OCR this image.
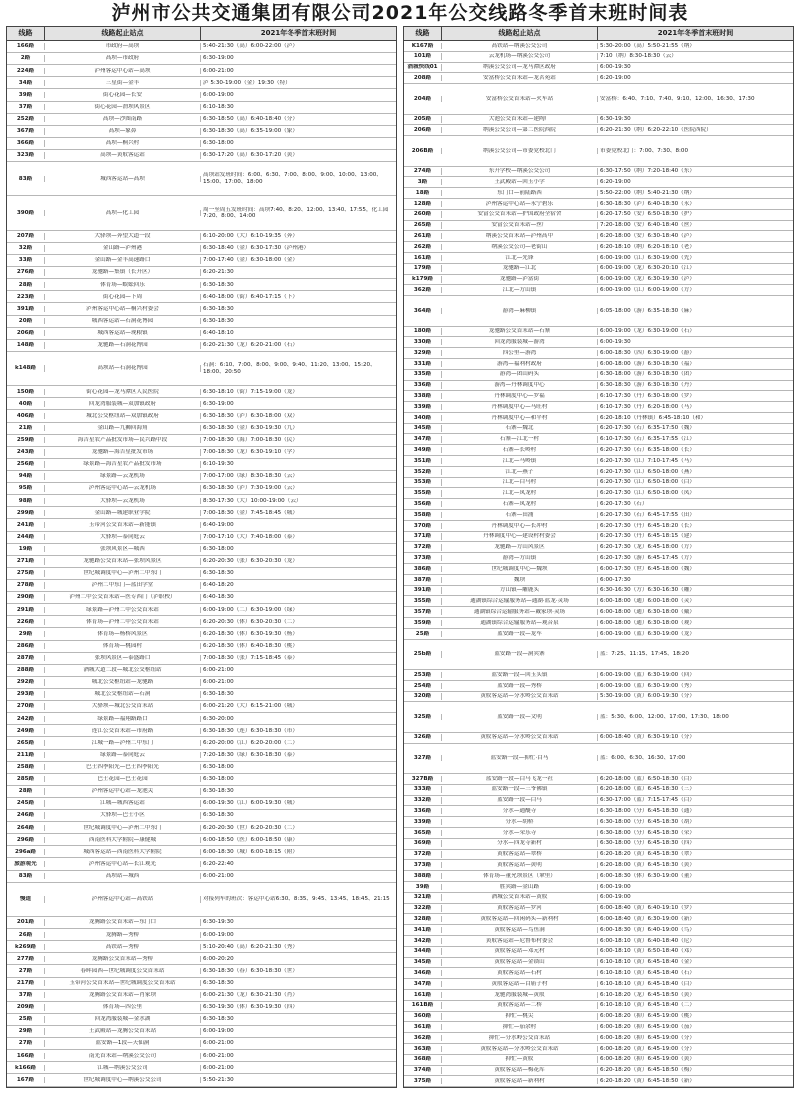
泸州市公共交通集团有限公司2021年公交线路冬季首末班时间表
线路	线路起止站点	2021年冬季首末班时间
166路	市政府—高坝	5:40-21:30（高）6:00-22:00（泸）
2路	高坝—市政府	6:30-19:00
224路	泸州客运中心站—高坝	6:00-21:00
34路	三星街—金丰	泸 5:30-19:00（金）19:30（特）
39路	街心花园—长安	6:00-19:00
37路	街心花园—渭坝风景区	6:10-18:30
252路	高坝—沙图南路	6:30-18:50（高）6:40-18:40（分）
367路	高坝—象鼻	6:30-18:30（高）6:35-19:00（象）
366路	高坝—桐兴村	6:30-18:00
323路	高坝—黄舣客运站	6:30-17:20（高）6:30-17:20（黄）
83路	城西客运站—高坝
高坝站发班时间：6:00、6:30、7:00、8:00、9:00、10:00、13:00、15:00、17:00、18:00
390路	高坝—化工园
周一至周五发班时间：高坝7:40、8:20、12:00、13:40、17:55，化工园7:20、8:00、14:00
207路	大驿坝—奔望大道一段	6:10-20:00（大）6:10-19:35（奔）
32路	金山路—泸州港	6:30-18:40（金）6:30-17:30（泸州港）
33路	金山路—金丰高速路口	7:00-17:40（金）6:30-18:00（金）
276路	龙驰路—集镇（长开区）	6:20-21:30
28路	体育场—蜈蚣回乐	6:30-18:30
223路	街心花园—下周	6:40-18:00（街）6:40-17:15（下）
391路	泸州客运中心站—桐兴村委会	6:30-18:30
20路	城西客运站—石洞花博园	6:30-18:30
206路	城西客运站—现粮镇	6:40-18:10
148路	龙驰路—石洞花博园	6:20-21:30（龙）6:20-21:00（石）
k148路	高坝站—石洞花博园
石洞：6:10、7:00、8:00、9:00、9:40、11:20、13:00、15:20、18:00、20:50
150路	街心花园—龙马潭区人民医院	6:30-18:10（街）7:15-19:00（龙）
40路	回龙湾服装城—双加镇政府	6:30-19:00
406路	城北公交枢纽站—双加镇政府	6:30-18:30（泸）6:30-18:00（双）
21路	金山路—九狮回海角	6:30-18:30（金）6:30-19:30（九）
259路	海吉星农产品批发市场—民兴路中段	7:00-18:30（海）7:00-18:30（民）
243路	龙驰路—海吉星批发市场	7:00-18:30（龙）6:30-19:10（学）
256路	绿景路—海吉星农产品批发市场	6:10-19:30
94路	绿景路—云龙机场	7:00-17:00（绿）8:30-18:30（云）
95路	泸州客运中心站—云龙机场	6:30-18:30（泸）7:30-19:00（云）
98路	大驿坝—云龙机场	8:30-17:30（大）10:00-19:00（云）
299路	金山路—城建职业学院	7:00-18:30（金）7:45-18:45（城）
241路	玉带河公交首末站—新能镇	6:40-19:00
244路	大驿坝—泰同庭云	7:00-17:10（大）7:40-18:00（泰）
19路	张坝风景区—城西	6:30-18:00
271路	龙驰路公交首末站—张坝风景区	6:20-20:30（张）6:30-20:30（龙）
275路	世纪城调度中心—泸州二中东门	6:30-18:30
278路	泸州二中东门—蓝田学堂	6:40-18:20
290路	泸州二中公交首末站—医专西门（泸职校）	6:40-18:30
291路	绿景路—泸州二中公交首末站	6:00-19:00（二）6:30-19:00（绿）
226路	体育场—泸州二中公交首末站	6:20-20:30（体）6:30-20:30（二）
29路	体育场—杨桥风景区	6:20-18:30（体）6:30-19:30（杨）
286路	体育场—桃园村	6:20-18:30（体）6:40-18:30（桃）
287路	张坝风景区—泰盛路口	7:00-18:30（张）7:15-18:45（泰）
288路	酒城大道二段—城北公交枢纽站	6:00-21:00
292路	城北公交枢纽站—龙驰路	6:00-21:00
293路	城北公交枢纽站—石洞	6:30-18:30
270路	大驿坝—城北公交首末站	6:00-21:20（大）6:15-21:00（城）
242路	绿景路—福翔路路口	6:30-20:00
249路	连江公交首末站—市府路	6:30-18:30（连）6:30-18:30（市）
265路	江城一路—泸州二中东门	6:20-20:00（江）6:20-20:00（二）
211路	绿景路—泰同庭云	7:20-18:30（绿）6:30-18:30（泰）
258路	巴士四季阳光—巴士四季阳光	6:30-18:00
285路	巴士花园—巴士花园	6:30-18:00
28路	泸州客运中心站—龙池关	6:30-18:30
245路	江城—城西客运站	6:00-19:30（江）6:00-19:30（城）
246路	大驿坝—巴士小区	6:30-18:30
264路	世纪城调度中心—泸州二中东门	6:20-20:30（世）6:20-20:30（二）
296路	西南医科大学附院—康健城	6:00-18:50（医）6:00-18:50（康）
296a路	城西客运站—西南医科大学附院	6:00-18:30（城）6:00-18:15（附）
旅游观光	泸州客运中心站—长江观光	6:20-22:40
83路	高坝站—城西	6:00-21:00
慢道	泸州客运中心站—高铁站	对接列车的班次：客运中心站6:30、8:35、9:45、13:45、18:45、21:15
201路	龙腾路公交首末站—东门口	6:30-19:30
26路	龙腾路—秀桥	6:00-19:00
k269路	高铁站—秀桥	5:10-20:40（高）6:20-21:30（秀）
277路	龙腾路公交首末站—秀桥	6:00-20:20
27路	春晖园西—世纪城调度公交首末站	6:30-18:30（春）6:30-18:30（世）
217路	玉带河公交首末站—世纪城调度公交首末站	6:30-18:30
37路	龙腾路公交首末站—肖家坝	6:00-21:30（龙）6:30-21:30（肖）
209路	体育场—四公里	6:30-19:30（体）6:30-19:30（四）
25路	回龙湾服装城—金水湖	6:30-18:30
29路	王武殿站—龙腾公交首末站	6:00-19:00
27路	蓝安路—1段—天仙洞	6:00-21:00
166路	南光首末站—纳溪公交公司	6:00-21:00
k166路	江城—纳溪公交公司	6:00-21:00
167路	世纪城调度中心—纳溪公交公司	5:50-21:30
线路	线路起止站点	2021年冬季首末班时间
K167路	高铁站—纳溪公交公司	5:30-20:00（高）5:50-21:55（纳）
101路	云龙机场—纳溪公交公司	7:10（纳）8:30-18:30（云）
酒城快线01	纳溪公交公司—龙马潭区政府	6:00-19:30
208路	安富桥公交首末站—龙茗苑站	6:20-19:00
204路	安富桥公交首末站—火车站	安富桥：6:40、7:10、7:40、9:10、12:00、16:30、17:30
205路	大池公交首末站—建陶厂	6:30-19:30
206路	纳溪公交公司—第二医院西院	6:20-21:30（纳）6:20-22:10（医院西院）
206B路	纳溪公交公司—市委党校北门	市委党校北门：7:00、7:30、8:00
274路	东升学校—纳溪公交公司	6:30-17:50（纳）7:20-18:40（东）
3路	王武殿站—回玉小学	6:20-19:00
18路	东门口—前陆路西	5:50-22:00（纳）5:40-21:30（纳）
128路	泸州客运中心站—永宁碧乐	6:30-18:30（泸）6:40-18:30（永）
260路	安富公交首末站—护国政府全宿舍	6:20-17:50（安）6:50-18:30（护）
265路	安富公交首末站—丝厂	7:20-18:00（安）6:40-18:40（丝）
261路	纳溪公交首末站—泸州高中	6:20-18:00（安）6:30-18:40（泸）
262路	纳溪公交公司—老街山	6:20-18:10（纳）6:20-18:10（老）
161路	江北—先锋	6:00-19:00（江）6:30-19:00（先）
179路	龙驰路—江北	6:00-19:00（龙）6:30-20:10（江）
k179路	龙驰路—泸富街	6:00-19:00（龙）6:30-19:30（泸）
362路	江北—方山镇	6:00-19:00（江）6:00-19:00（方）
364路	游湾—麻柳镇	6:05-18:00（游）6:35-18:30（麻）
180路	龙驰路公交首末站—石寨	6:00-19:00（龙）6:30-19:00（石）
330路	回龙湾服装城—游湾	6:00-19:30
329路	四公里—游湾	6:00-18:30（四）6:30-19:00（游）
331路	游湾—福利村政府	6:00-18:00（游）6:30-18:30（福）
335路	游湾—团山码头	6:30-18:00（游）6:30-18:30（团）
336路	游湾—丹林调度中心	6:30-18:30（游）6:30-18:30（丹）
338路	丹林调度中心—罗福	6:10-17:30（丹）6:30-18:00（罗）
339路	丹林调度中心—马旺村	6:10-17:30（丹）6:20-18:00（马）
340路	丹林调度中心—和平村	6:20-18:10（丹林镇）6:45-18:10（和）
345路	石寨—魏北	6:20-17:30（石）6:35-17:50（魏）
347路	石寨—江北一村	6:10-17:30（石）6:35-17:55（江）
349路	石寨—长岭村	6:20-17:30（石）6:35-18:00（长）
351路	江北—马岭镇	6:20-17:30（江）7:10-17:45（马）
352路	江北—燕子	6:20-17:30（江）6:50-18:00（燕）
353路	江北—白马村	6:20-17:30（江）6:50-18:00（白）
355路	江北—凤龙村	6:20-17:30（江）6:50-18:00（凤）
356路	石寨—凤龙村	6:20-17:30（石）
358路	石寨—田浦	6:20-17:30（石）6:45-17:55（田）
370路	丹林调度中心—长冲村	6:20-17:30（丹）6:45-18:20（长）
371路	丹林调度中心—建设村村委会	6:20-17:30（丹）6:45-18:15（建）
372路	龙驰路—方山风景区	6:20-17:30（龙）6:45-18:00（方）
373路	游湾—方山镇	6:20-17:30（游）6:45-17:45（方）
386路	世纪城调度中心—魏坝	6:00-17:30（世）6:45-18:00（魏）
387路	魏坝	6:00-17:30
391路	方山镇—雕鹿头	6:30-16:30（方）6:30-16:30（雕）
355路	通湖镇综合运输服务站—通湖·蓝龙·灵场	6:00-18:00（通）6:00-18:00（灵）
357路	通湖镇综合运输服务站—戴家坝·灵场	6:00-18:00（通）6:30-18:00（戴）
359路	通湖镇综合运输服务站—观音泉	6:00-18:00（通）6:30-18:00（观）
25路	蓝安路一段—龙车	6:00-19:00（蓝）6:30-19:00（龙）
25b路	蓝安路一段—洞宾寨	蓝：7:25、11:15、17:45、18:20
253路	蓝安路一段—回玉头镇	6:00-19:00（蓝）6:30-19:00（回）
254路	蓝安路一段—秀桥	6:00-19:00（蓝）6:30-19:00（秀）
320路	黄舣客运站—分水岭公交首末站	5:30-19:00（黄）6:00-19:30（分）
325路	蓝安路一段—文明	蓝：5:30、6:00、12:00、17:00、17:30、18:00
326路	黄舣客运站—分水岭公交首末站	6:00-18:40（黄）6:30-19:10（分）
327路	蓝安路一段—抑忙·白马	蓝：6:00、6:30、16:30、17:00
327B路	蓝安路一段—白马飞龙一社	6:20-18:00（蓝）6:50-18:30（白）
333路	蓝安路一段—三爷佛镇	6:20-18:00（蓝）6:45-18:30（三）
332路	蓝安路一段—白马	6:30-17:00（蓝）7:15-17:45（白）
336路	分水—通醍寺	6:30-18:00（分）6:45-18:30（通）
339路	分水—胡桥	6:30-18:00（分）6:45-18:30（胡）
365路	分水—荣乐寺	6:30-18:00（分）6:45-18:30（荣）
369路	分水—四龙寺新村	6:30-18:00（分）6:45-18:30（四）
372路	黄舣客运站—翠桥	6:20-18:20（黄）6:45-18:30（翠）
373路	黄舣客运站—黄明	6:20-18:00（黄）6:45-18:30（黄）
388路	体育场—董允坝景区（傘里）	6:00-18:30（体）6:30-19:00（董）
39路	胜宾路—金山路	6:00-19:00
321路	酒城公交首末站—黄舣	6:00-19:00
322路	黄舣客运站—罗河	6:00-18:40（黄）6:40-19:10（罗）
328路	黄舣客运站—回闲码头—新利村	6:00-18:40（黄）6:30-19:00（新）
341路	黄舣客运站—鸟鱼洞	6:00-18:30（黄）6:40-19:00（鸟）
342路	黄舣客运站—尼鲁布村委会	6:00-18:10（黄）6:40-18:40（尼）
344路	黄舣客运站—邓元村	6:00-18:10（黄）6:50-18:40（邓）
345路	黄舣客运站—金锁山	6:10-18:10（黄）6:45-18:40（金）
346路	黄舣客运站—石村	6:10-18:10（黄）6:45-18:40（石）
347路	黄舣客运站—白庙子村	6:10-18:10（黄）6:45-18:40（白）
161路	龙驰湾服装城—黄舣	6:10-18:20（龙）6:45-18:50（黄）
161B路	黄舣客运站—二桥	6:10-18:10（黄）6:45-18:40（二）
360路	抑忙—桃尖	6:00-18:20（抑）6:45-19:00（桃）
361路	抑忙—茄余村	6:00-18:20（抑）6:45-19:00（茄）
362路	抑忙—分水岭公交首末站	6:00-18:20（抑）6:45-19:00（分）
363路	黄舣客运站—分水岭公交首末站	6:00-18:20（黄）6:45-19:00（分）
368路	抑忙—黄舣	6:00-18:20（抑）6:45-19:00（黄）
374路	黄舣客运站—梅花库	6:20-18:20（黄）6:45-18:50（梅）
375路	黄舣客运站—新利村	6:20-18:20（黄）6:45-18:50（新）
